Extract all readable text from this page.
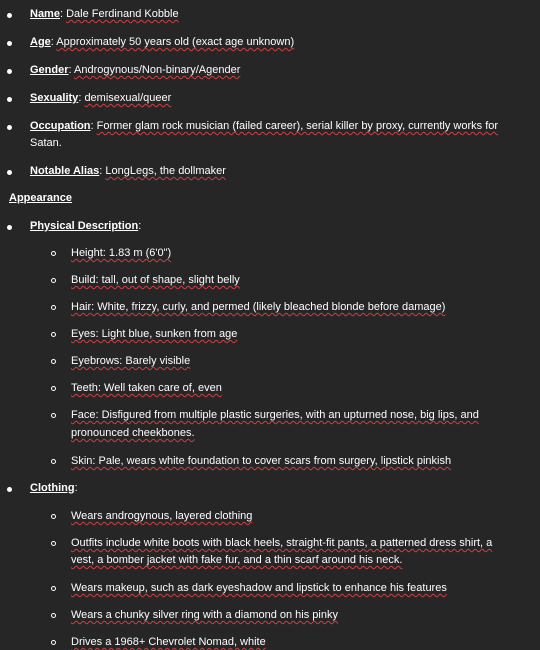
Name: Dale Ferdinand Kobble
Age: Approximately 50 years old (exact age unknown)
Gender: Androgynous/Non-binary/Agender
Sexuality: demisexual/queer
Occupation: Former glam rock musician (failed career), serial killer by proxy, currently works for
Satan.
Notable Alias: LongLegs, the dollmaker
Appearance
Physical Description:
Height: 1.83 m (6'0")
Build: tall, out of shape, slight belly
Hair: White, frizzy, curly, and permed (likely bleached blonde before damage)
Eyes: Light blue, sunken from age
Eyebrows: Barely visible
Teeth: Well taken care of, even
Face: Disfigured from multiple plastic surgeries, with an upturned nose, big lips, and
pronounced cheekbones.
Skin: Pale, wears white foundation to cover scars from surgery, lipstick pinkish
Clothing:
Wears androgynous, layered clothing
Outfits include white boots with black heels, straight-fit pants, a patterned dress shirt, a
vest, a bomber jacket with fake fur, and a thin scarf around his neck.
Wears makeup, such as dark eyeshadow and lipstick to enhance his features
Wears a chunky silver ring with a diamond on his pinky
Drives a 1968+ Chevrolet Nomad, white
